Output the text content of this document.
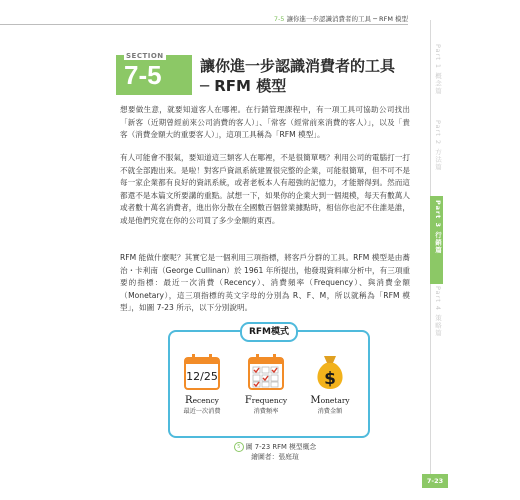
7-5 讓你進一步認識消費者的工具 ─ RFM 模型
SECTION
7-5	讓你進一步認識消費者的工具
─ RFM 模型
想要做生意，就要知道客人在哪裡。在行銷管理課程中，有一項工具可協助公司找出「新客（近期曾經前來公司消費的客人）」、「常客（經常前來消費的客人）」，以及「貴客（消費金額大的重要客人）」，這項工具稱為「RFM 模型」。
有人可能會不服氣，要知道這三類客人在哪裡，不是很簡單嗎？利用公司的電腦打一打不就全部跑出來。是啦！對客戶資訊系統建置很完整的企業，可能很簡單，但不可不是每一家企業都有良好的資訊系統，或者老板本人有超強的記憶力，才能辦得到。然而這都還不是本篇文所要講的重點。試想一下，如果你的企業大到一個規模，每天有數萬人或者數十萬名消費者，進出你分散在全國數百個營業據點時，相信你也記不住誰是誰，或是他們究竟在你的公司買了多少金額的東西。
RFM 能做什麼呢？其實它是一個利用三項指標，將客戶分群的工具。RFM 模型是由蕎治・卡利南（George Cullinan）於 1961 年所提出，他發現資料庫分析中，有三項重要的指標：最近一次消費（Recency）、消費頻率（Frequency）、與消費金額（Monetary），這三項指標的英文字母的分別為 R、F、M，所以就稱為「RFM 模型」，如圖 7-23 所示，以下分別說明。
Part 1 概念篇
Part 2 方法篇
Part 3 行銷篇
Part 4 策略篇
7-23
RFM模式
12/25
Recency
最近一次消費
Frequency
消費頻率
$
Monetary
消費金額
5 圖 7-23 RFM 模型概念
繪圖者：張庭瑄
